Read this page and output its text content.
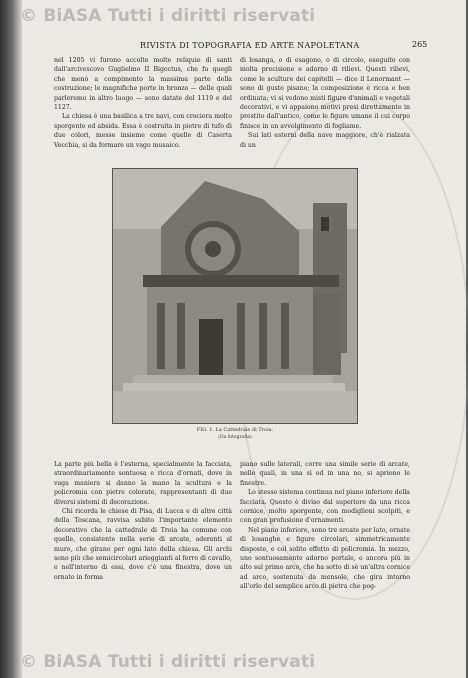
© BiASA Tutti i diritti riservati
RIVISTA DI TOPOGRAFIA ED ARTE NAPOLETANA	265

nel 1205 vi furono accolte molte reliquie di santi dall'arcivescovo Guglielmo II Bigoctus, che fu quegli che menò a compimento la massima parte della costruzione; le magnifiche porte in bronzo — delle quali parleremo in altro luogo — sono datate del 1119 e del 1127.

La chiesa è una basilica a tre navi, con crociera molto sporgente ed absida. Essa è costruita in pietre di tufo di due colori, messe insieme come quelle di Caserta Vecchia, si da formare un vago musaico.

di losanga, o di esagono, o di circolo, eseguito con molta precisione e adorno di rilievi. Questi rilievi, come le sculture dei capitelli — dice il Lenormant — sono di gusto pisano; la composizione è ricca e ben ordinata; vi si vedono misti figure d'animali e vegetali decorativi, e vi appaiono motivi presi direttamente in prestito dall'antico, come le figure umane il cui corpo finisce in un avvolgimento di fogliame.

Sui lati esterni della nave maggiore, ch'è rialzata di un

FIG. 1. La Cattedrale di Troia.
(Da fotografia)

La parte più bella è l'esterna, specialmente la facciata, straordinariamente sontuosa e ricca d'ornati, dove in vaga maniera si danno la mano la scultura e la policromia con pietre colorate, rappresentanti di due diversi sistemi di decorazione.

Chi ricorda le chiese di Pisa, di Lucca e di altre città della Toscana, ravvisa subito l'importante elemento decorativo che la cattedrale di Troia ha comune con quelle, consistente nella serie di arcate, aderenti al muro, che girano per ogni lato della chiesa. Gli archi sono più che semicircolari arieggianti al ferro di cavallo, e nell'interno di essi, dove c'è una finestra, dove un ornato in forma

piano sulle laterali, corre una simile serie di arcate, nelle quali, in una sì ed in una no, si apriono le finestre.

Lo stesso sistema continua nel piano inferiore della facciata. Questo è diviso dal superiore da una ricca cornice, molto sporgente, con modiglioni scolpiti, e con gran profusione d'ornamenti.

Nel piano inferiore, sono tre arcate per lato, ornate di losanghe e figure circolari, simmetricamente disposte, e col solito effetto di policromia. In mezzo, uno sontuosamente adorno portale, e ancora più in alto sul primo arco, che ha sotto di sè un'altra cornice ad arco, sostenuta da mensole, che gira intorno all'orlo del semplice arco di pietra che pog-

© BiASA Tutti i diritti riservati
